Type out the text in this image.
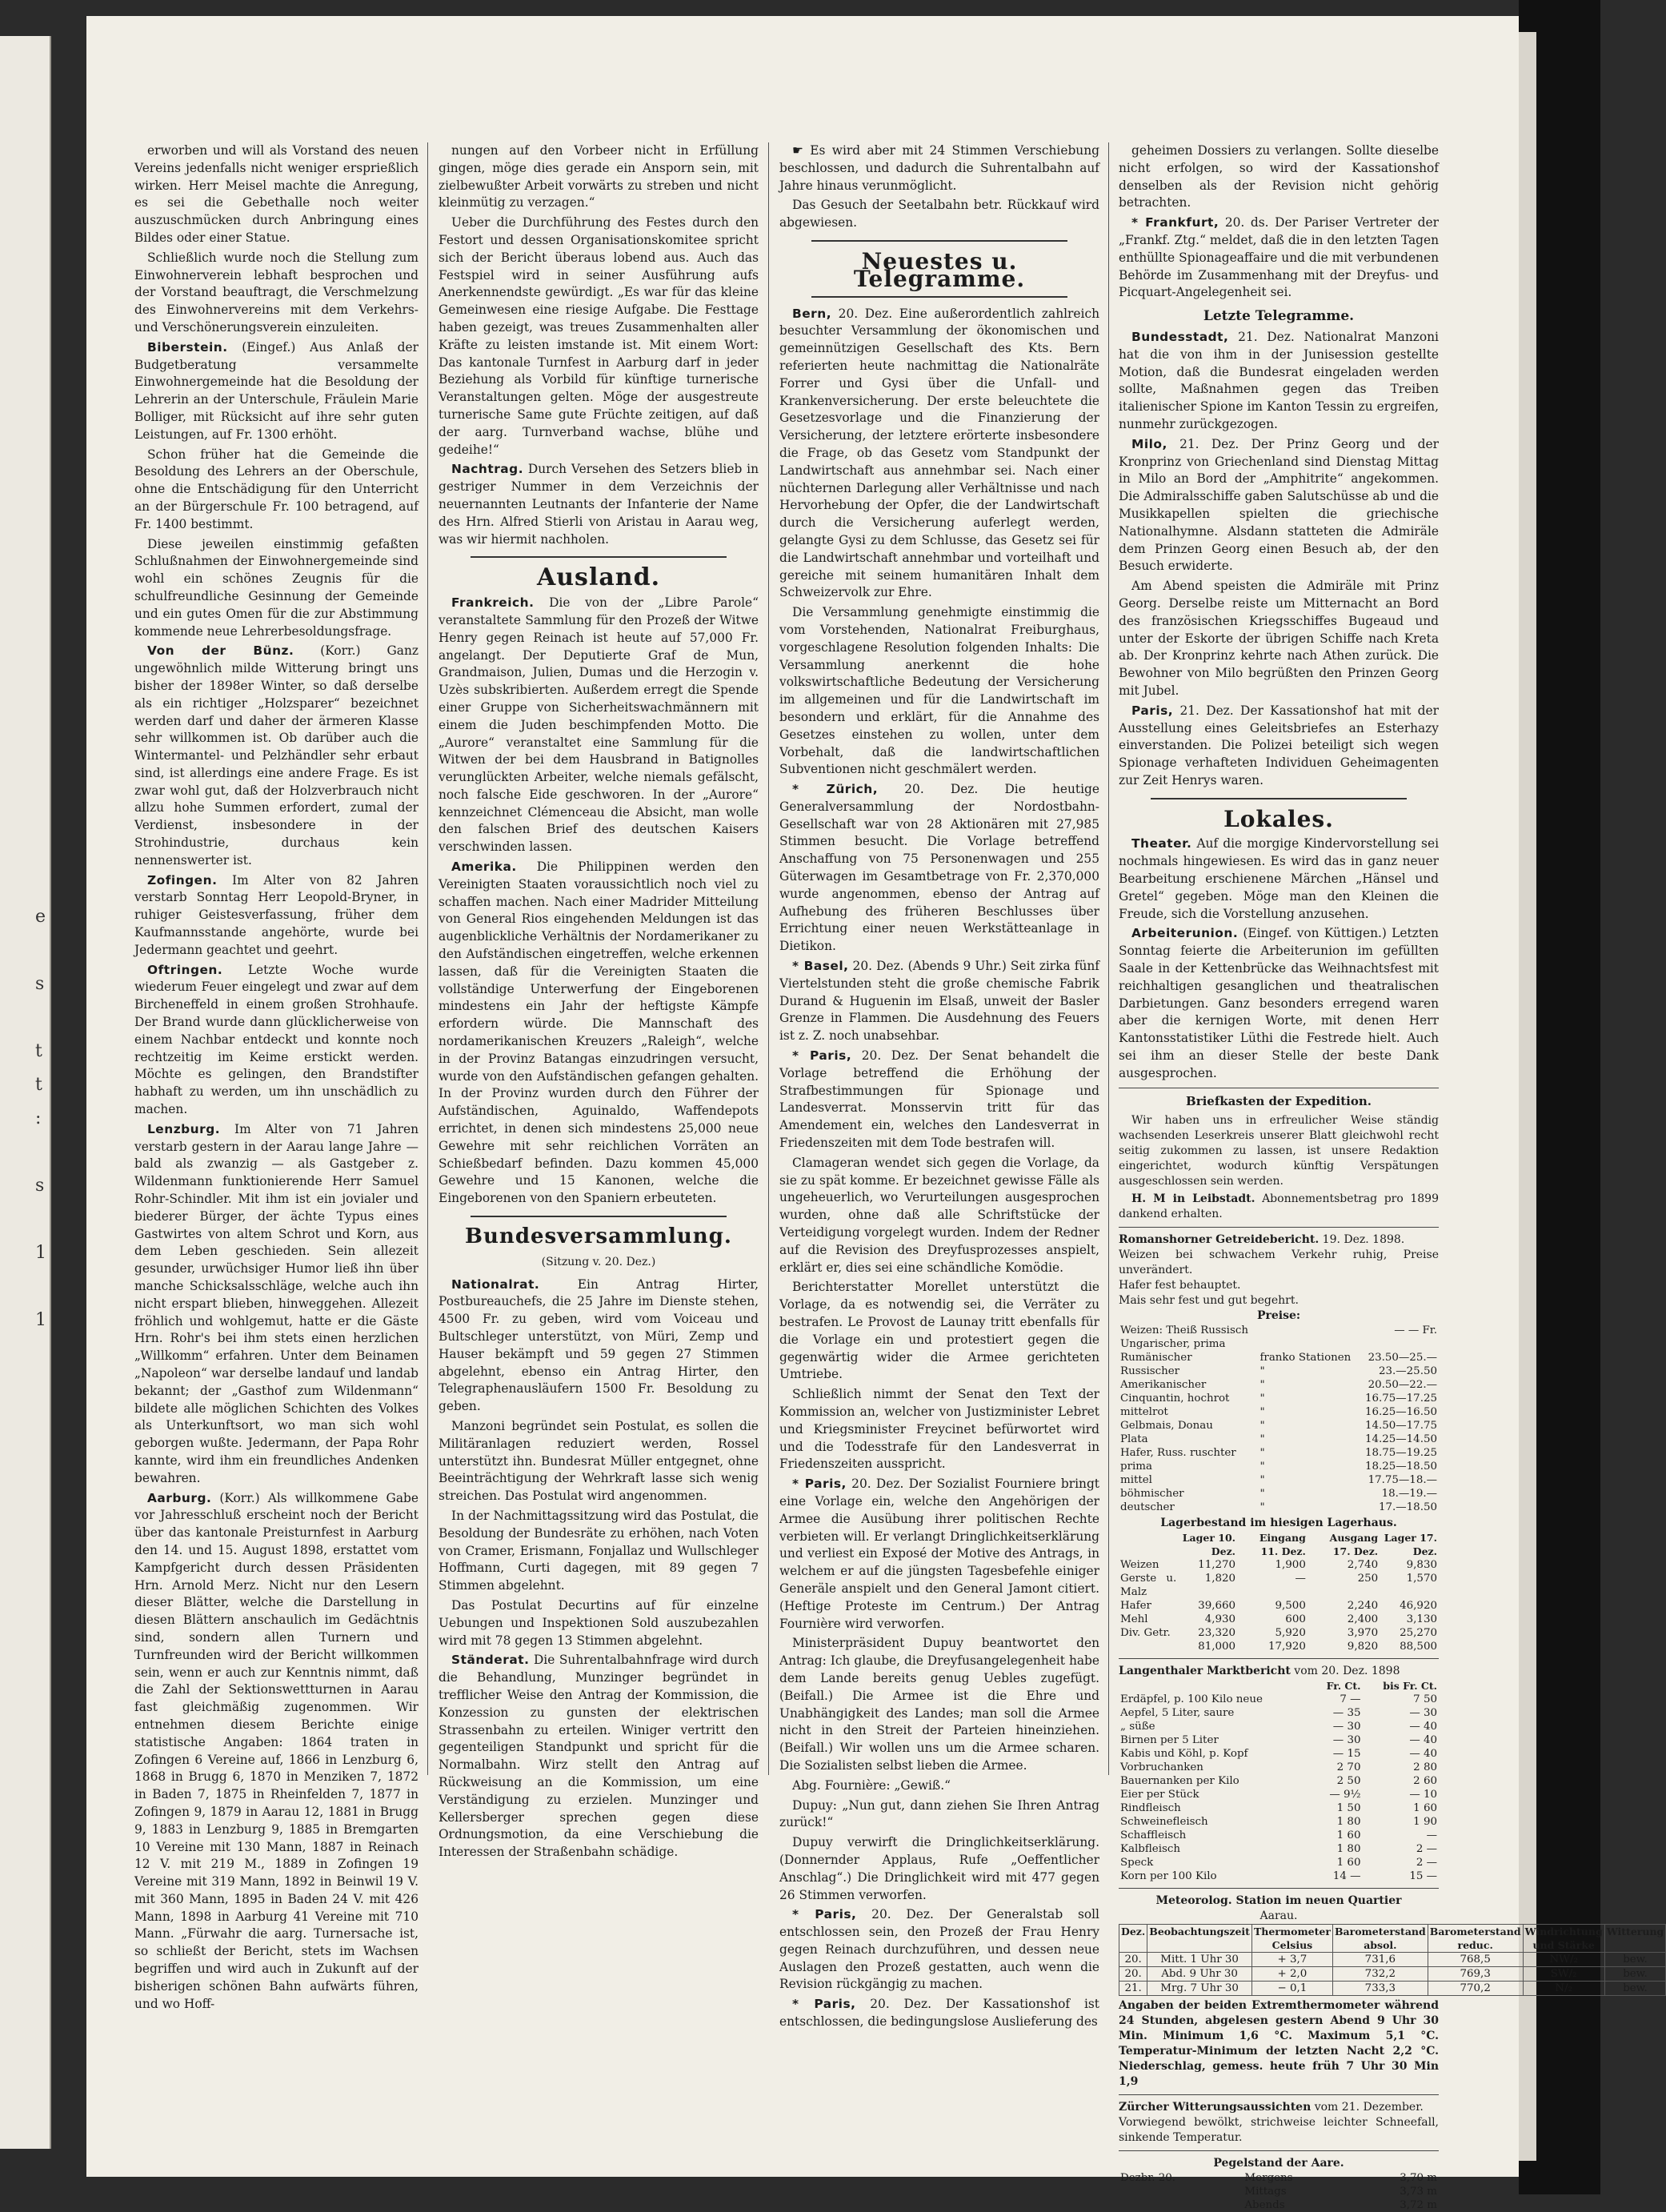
e

s

t
t
:

s

1

1

erworben und will als Vorstand des neuen Vereins jedenfalls nicht weniger ersprießlich wirken. Herr Meisel machte die Anregung, es sei die Gebethalle noch weiter auszuschmücken durch Anbringung eines Bildes oder einer Statue.

Schließlich wurde noch die Stellung zum Einwohnerverein lebhaft besprochen und der Vorstand beauftragt, die Verschmelzung des Einwohnervereins mit dem Verkehrs- und Verschönerungsverein einzuleiten.

Biberstein. (Eingef.) Aus Anlaß der Budgetberatung versammelte Einwohnergemeinde hat die Besoldung der Lehrerin an der Unterschule, Fräulein Marie Bolliger, mit Rücksicht auf ihre sehr guten Leistungen, auf Fr. 1300 erhöht.

Schon früher hat die Gemeinde die Besoldung des Lehrers an der Oberschule, ohne die Entschädigung für den Unterricht an der Bürgerschule Fr. 100 betragend, auf Fr. 1400 bestimmt.

Diese jeweilen einstimmig gefaßten Schlußnahmen der Einwohnergemeinde sind wohl ein schönes Zeugnis für die schulfreundliche Gesinnung der Gemeinde und ein gutes Omen für die zur Abstimmung kommende neue Lehrerbesoldungsfrage.

Von der Bünz. (Korr.) Ganz ungewöhnlich milde Witterung bringt uns bisher der 1898er Winter, so daß derselbe als ein richtiger „Holzsparer“ bezeichnet werden darf und daher der ärmeren Klasse sehr willkommen ist. Ob darüber auch die Wintermantel- und Pelzhändler sehr erbaut sind, ist allerdings eine andere Frage. Es ist zwar wohl gut, daß der Holzverbrauch nicht allzu hohe Summen erfordert, zumal der Verdienst, insbesondere in der Strohindustrie, durchaus kein nennenswerter ist.

Zofingen. Im Alter von 82 Jahren verstarb Sonntag Herr Leopold-Bryner, in ruhiger Geistesverfassung, früher dem Kaufmannsstande angehörte, wurde bei Jedermann geachtet und geehrt.

Oftringen. Letzte Woche wurde wiederum Feuer eingelegt und zwar auf dem Bircheneffeld in einem großen Strohhaufe. Der Brand wurde dann glücklicherweise von einem Nachbar entdeckt und konnte noch rechtzeitig im Keime erstickt werden. Möchte es gelingen, den Brandstifter habhaft zu werden, um ihn unschädlich zu machen.

Lenzburg. Im Alter von 71 Jahren verstarb gestern in der Aarau lange Jahre — bald als zwanzig — als Gastgeber z. Wildenmann funktionierende Herr Samuel Rohr-Schindler. Mit ihm ist ein jovialer und biederer Bürger, der ächte Typus eines Gastwirtes von altem Schrot und Korn, aus dem Leben geschieden. Sein allezeit gesunder, urwüchsiger Humor ließ ihn über manche Schicksalsschläge, welche auch ihn nicht erspart blieben, hinweggehen. Allezeit fröhlich und wohlgemut, hatte er die Gäste Hrn. Rohr's bei ihm stets einen herzlichen „Willkomm“ erfahren. Unter dem Beinamen „Napoleon“ war derselbe landauf und landab bekannt; der „Gasthof zum Wildenmann“ bildete alle möglichen Schichten des Volkes als Unterkunftsort, wo man sich wohl geborgen wußte. Jedermann, der Papa Rohr kannte, wird ihm ein freundliches Andenken bewahren.

Aarburg. (Korr.) Als willkommene Gabe vor Jahresschluß erscheint noch der Bericht über das kantonale Preisturnfest in Aarburg den 14. und 15. August 1898, erstattet vom Kampfgericht durch dessen Präsidenten Hrn. Arnold Merz. Nicht nur den Lesern dieser Blätter, welche die Darstellung in diesen Blättern anschaulich im Gedächtnis sind, sondern allen Turnern und Turnfreunden wird der Bericht willkommen sein, wenn er auch zur Kenntnis nimmt, daß die Zahl der Sektionswettturnen in Aarau fast gleichmäßig zugenommen. Wir entnehmen diesem Berichte einige statistische Angaben: 1864 traten in Zofingen 6 Vereine auf, 1866 in Lenzburg 6, 1868 in Brugg 6, 1870 in Menziken 7, 1872 in Baden 7, 1875 in Rheinfelden 7, 1877 in Zofingen 9, 1879 in Aarau 12, 1881 in Brugg 9, 1883 in Lenzburg 9, 1885 in Bremgarten 10 Vereine mit 130 Mann, 1887 in Reinach 12 V. mit 219 M., 1889 in Zofingen 19 Vereine mit 319 Mann, 1892 in Beinwil 19 V. mit 360 Mann, 1895 in Baden 24 V. mit 426 Mann, 1898 in Aarburg 41 Vereine mit 710 Mann. „Fürwahr die aarg. Turnersache ist, so schließt der Bericht, stets im Wachsen begriffen und wird auch in Zukunft auf der bisherigen schönen Bahn aufwärts führen, und wo Hoff-

nungen auf den Vorbeer nicht in Erfüllung gingen, möge dies gerade ein Ansporn sein, mit zielbewußter Arbeit vorwärts zu streben und nicht kleinmütig zu verzagen.“

Ueber die Durchführung des Festes durch den Festort und dessen Organisationskomitee spricht sich der Bericht überaus lobend aus. Auch das Festspiel wird in seiner Ausführung aufs Anerkennendste gewürdigt. „Es war für das kleine Gemeinwesen eine riesige Aufgabe. Die Festtage haben gezeigt, was treues Zusammenhalten aller Kräfte zu leisten imstande ist. Mit einem Wort: Das kantonale Turnfest in Aarburg darf in jeder Beziehung als Vorbild für künftige turnerische Veranstaltungen gelten. Möge der ausgestreute turnerische Same gute Früchte zeitigen, auf daß der aarg. Turnverband wachse, blühe und gedeihe!“

Nachtrag. Durch Versehen des Setzers blieb in gestriger Nummer in dem Verzeichnis der neuernannten Leutnants der Infanterie der Name des Hrn. Alfred Stierli von Aristau in Aarau weg, was wir hiermit nachholen.

Ausland.

Frankreich. Die von der „Libre Parole“ veranstaltete Sammlung für den Prozeß der Witwe Henry gegen Reinach ist heute auf 57,000 Fr. angelangt. Der Deputierte Graf de Mun, Grandmaison, Julien, Dumas und die Herzogin v. Uzès subskribierten. Außerdem erregt die Spende einer Gruppe von Sicherheitswachmännern mit einem die Juden beschimpfenden Motto. Die „Aurore“ veranstaltet eine Sammlung für die Witwen der bei dem Hausbrand in Batignolles verunglückten Arbeiter, welche niemals gefälscht, noch falsche Eide geschworen. In der „Aurore“ kennzeichnet Clémenceau die Absicht, man wolle den falschen Brief des deutschen Kaisers verschwinden lassen.

Amerika. Die Philippinen werden den Vereinigten Staaten voraussichtlich noch viel zu schaffen machen. Nach einer Madrider Mitteilung von General Rios eingehenden Meldungen ist das augenblickliche Verhältnis der Nordamerikaner zu den Aufständischen eingetreffen, welche erkennen lassen, daß für die Vereinigten Staaten die vollständige Unterwerfung der Eingeborenen mindestens ein Jahr der heftigste Kämpfe erfordern würde. Die Mannschaft des nordamerikanischen Kreuzers „Raleigh“, welche in der Provinz Batangas einzudringen versucht, wurde von den Aufständischen gefangen gehalten. In der Provinz wurden durch den Führer der Aufständischen, Aguinaldo, Waffendepots errichtet, in denen sich mindestens 25,000 neue Gewehre mit sehr reichlichen Vorräten an Schießbedarf befinden. Dazu kommen 45,000 Gewehre und 15 Kanonen, welche die Eingeborenen von den Spaniern erbeuteten.

Bundesversammlung.
(Sitzung v. 20. Dez.)

Nationalrat.	Ein Antrag Hirter, Postbureauchefs, die 25 Jahre im Dienste stehen, 4500 Fr. zu geben, wird vom Voiceau und Bultschleger unterstützt, von Müri, Zemp und Hauser bekämpft und 59 gegen 27 Stimmen abgelehnt, ebenso ein Antrag Hirter, den Telegraphenausläufern 1500 Fr. Besoldung zu geben.

Manzoni begründet sein Postulat, es sollen die Militäranlagen reduziert werden, Rossel unterstützt ihn. Bundesrat Müller entgegnet, ohne Beeinträchtigung der Wehrkraft lasse sich wenig streichen. Das Postulat wird angenommen.

In der Nachmittagssitzung wird das Postulat, die Besoldung der Bundesräte zu erhöhen, nach Voten von Cramer, Erismann, Fonjallaz und Wullschleger Hoffmann, Curti dagegen, mit 89 gegen 7 Stimmen abgelehnt.

Das Postulat Decurtins auf für einzelne Uebungen und Inspektionen Sold auszubezahlen wird mit 78 gegen 13 Stimmen abgelehnt.

Ständerat. Die Suhrentalbahnfrage wird durch die Behandlung, Munzinger begründet in trefflicher Weise den Antrag der Kommission, die Konzession zu gunsten der elektrischen Strassenbahn zu erteilen. Winiger vertritt den gegenteiligen Standpunkt und spricht für die Normalbahn. Wirz stellt den Antrag auf Rückweisung an die Kommission, um eine Verständigung zu erzielen. Munzinger und Kellersberger sprechen gegen diese Ordnungsmotion, da eine Verschiebung die Interessen der Straßenbahn schädige.

☛ Es wird aber mit 24 Stimmen Verschiebung beschlossen, und dadurch die Suhrentalbahn auf Jahre hinaus verunmöglicht.

Das Gesuch der Seetalbahn betr. Rückkauf wird abgewiesen.

Neuestes u. Telegramme.

Bern, 20. Dez. Eine außerordentlich zahlreich besuchter Versammlung der ökonomischen und gemeinnützigen Gesellschaft des Kts. Bern referierten heute nachmittag die Nationalräte Forrer und Gysi über die Unfall- und Krankenversicherung. Der erste beleuchtete die Gesetzesvorlage und die Finanzierung der Versicherung, der letztere erörterte insbesondere die Frage, ob das Gesetz vom Standpunkt der Landwirtschaft aus annehmbar sei. Nach einer nüchternen Darlegung aller Verhältnisse und nach Hervorhebung der Opfer, die der Landwirtschaft durch die Versicherung auferlegt werden, gelangte Gysi zu dem Schlusse, das Gesetz sei für die Landwirtschaft annehmbar und vorteilhaft und gereiche mit seinem humanitären Inhalt dem Schweizervolk zur Ehre.

Die Versammlung genehmigte einstimmig die vom Vorstehenden, Nationalrat Freiburghaus, vorgeschlagene Resolution folgenden Inhalts: Die Versammlung anerkennt die hohe volkswirtschaftliche Bedeutung der Versicherung im allgemeinen und für die Landwirtschaft im besondern und erklärt, für die Annahme des Gesetzes einstehen zu wollen, unter dem Vorbehalt, daß die landwirtschaftlichen Subventionen nicht geschmälert werden.

* Zürich, 20. Dez. Die heutige Generalversammlung der Nordostbahn-Gesellschaft war von 28 Aktionären mit 27,985 Stimmen besucht. Die Vorlage betreffend Anschaffung von 75 Personenwagen und 255 Güterwagen im Gesamtbetrage von Fr. 2,370,000 wurde angenommen, ebenso der Antrag auf Aufhebung des früheren Beschlusses über Errichtung einer neuen Werkstätteanlage in Dietikon.

* Basel, 20. Dez. (Abends 9 Uhr.) Seit zirka fünf Viertelstunden steht die große chemische Fabrik Durand & Huguenin im Elsaß, unweit der Basler Grenze in Flammen. Die Ausdehnung des Feuers ist z. Z. noch unabsehbar.

* Paris, 20. Dez. Der Senat behandelt die Vorlage betreffend die Erhöhung der Strafbestimmungen für Spionage und Landesverrat. Monsservin tritt für das Amendement ein, welches den Landesverrat in Friedenszeiten mit dem Tode bestrafen will.

Clamageran wendet sich gegen die Vorlage, da sie zu spät komme. Er bezeichnet gewisse Fälle als ungeheuerlich, wo Verurteilungen ausgesprochen wurden, ohne daß alle Schriftstücke der Verteidigung vorgelegt wurden. Indem der Redner auf die Revision des Dreyfusprozesses anspielt, erklärt er, dies sei eine schändliche Komödie.

Berichterstatter Morellet unterstützt die Vorlage, da es notwendig sei, die Verräter zu bestrafen. Le Provost de Launay tritt ebenfalls für die Vorlage ein und protestiert gegen die gegenwärtig wider die Armee gerichteten Umtriebe.

Schließlich nimmt der Senat den Text der Kommission an, welcher von Justizminister Lebret und Kriegsminister Freycinet befürwortet wird und die Todesstrafe für den Landesverrat in Friedenszeiten ausspricht.

* Paris, 20. Dez. Der Sozialist Fourniere bringt eine Vorlage ein, welche den Angehörigen der Armee die Ausübung ihrer politischen Rechte verbieten will. Er verlangt Dringlichkeitserklärung und verliest ein Exposé der Motive des Antrags, in welchem er auf die jüngsten Tagesbefehle einiger Generäle anspielt und den General Jamont citiert. (Heftige Proteste im Centrum.) Der Antrag Fournière wird verworfen.

Ministerpräsident Dupuy beantwortet den Antrag: Ich glaube, die Dreyfusangelegenheit habe dem Lande bereits genug Uebles zugefügt. (Beifall.) Die Armee ist die Ehre und Unabhängigkeit des Landes; man soll die Armee nicht in den Streit der Parteien hineinziehen. (Beifall.) Wir wollen uns um die Armee scharen. Die Sozialisten selbst lieben die Armee.

Abg. Fournière: „Gewiß.“

Dupuy: „Nun gut, dann ziehen Sie Ihren Antrag zurück!“

Dupuy verwirft die Dringlichkeitserklärung. (Donnernder Applaus, Rufe „Oeffentlicher Anschlag“.) Die Dringlichkeit wird mit 477 gegen 26 Stimmen verworfen.

* Paris, 20. Dez. Der Generalstab soll entschlossen sein, den Prozeß der Frau Henry gegen Reinach durchzuführen, und dessen neue Auslagen den Prozeß gestatten, auch wenn die Revision rückgängig zu machen.

* Paris, 20. Dez. Der Kassationshof ist entschlossen, die bedingungslose Auslieferung des

geheimen Dossiers zu verlangen. Sollte dieselbe nicht erfolgen, so wird der Kassationshof denselben als der Revision nicht gehörig betrachten.

* Frankfurt, 20. ds. Der Pariser Vertreter der „Frankf. Ztg.“ meldet, daß die in den letzten Tagen enthüllte Spionageaffaire und die mit verbundenen Behörde im Zusammenhang mit der Dreyfus- und Picquart-Angelegenheit sei.

Letzte Telegramme.

Bundesstadt, 21. Dez. Nationalrat Manzoni hat die von ihm in der Junisession gestellte Motion, daß die Bundesrat eingeladen werden sollte, Maßnahmen gegen das Treiben italienischer Spione im Kanton Tessin zu ergreifen, nunmehr zurückgezogen.

Milo, 21. Dez. Der Prinz Georg und der Kronprinz von Griechenland sind Dienstag Mittag in Milo an Bord der „Amphitrite“ angekommen. Die Admiralsschiffe gaben Salutschüsse ab und die Musikkapellen spielten die griechische Nationalhymne. Alsdann statteten die Admiräle dem Prinzen Georg einen Besuch ab, der den Besuch erwiderte.

Am Abend speisten die Admiräle mit Prinz Georg. Derselbe reiste um Mitternacht an Bord des französischen Kriegsschiffes Bugeaud und unter der Eskorte der übrigen Schiffe nach Kreta ab. Der Kronprinz kehrte nach Athen zurück. Die Bewohner von Milo begrüßten den Prinzen Georg mit Jubel.

Paris, 21. Dez. Der Kassationshof hat mit der Ausstellung eines Geleitsbriefes an Esterhazy einverstanden. Die Polizei beteiligt sich wegen Spionage verhafteten Individuen Geheimagenten zur Zeit Henrys waren.

Lokales.

Theater. Auf die morgige Kindervorstellung sei nochmals hingewiesen. Es wird das in ganz neuer Bearbeitung erschienene Märchen „Hänsel und Gretel“ gegeben. Möge man den Kleinen die Freude, sich die Vorstellung anzusehen.

Arbeiterunion. (Eingef. von Küttigen.) Letzten Sonntag feierte die Arbeiterunion im gefüllten Saale in der Kettenbrücke das Weihnachtsfest mit reichhaltigen gesanglichen und theatralischen Darbietungen. Ganz besonders erregend waren aber die kernigen Worte, mit denen Herr Kantonsstatistiker Lüthi die Festrede hielt. Auch sei ihm an dieser Stelle der beste Dank ausgesprochen.

Briefkasten der Expedition.

Wir haben uns in erfreulicher Weise ständig wachsenden Leserkreis unserer Blatt gleichwohl recht seitig zukommen zu lassen, ist unsere Redaktion eingerichtet, wodurch künftig Verspätungen ausgeschlossen sein werden.

H. M in Leibstadt. Abonnementsbetrag pro 1899 dankend erhalten.

Romanshorner Getreidebericht. 19. Dez. 1898.
Weizen bei schwachem Verkehr ruhig, Preise unverändert.
Hafer fest behauptet.
Mais sehr fest und gut begehrt.
Preise:
Weizen: Theiß Russisch		— — Fr.
Ungarischer, prima		
Rumänischer	franko Stationen	23.50—25.—
Russischer	"	23.—25.50
Amerikanischer	"	20.50—22.—
Cinquantin, hochrot	"	16.75—17.25
mittelrot	"	16.25—16.50
Gelbmais, Donau	"	14.50—17.75
Plata	"	14.25—14.50
Hafer, Russ. ruschter	"	18.75—19.25
prima	"	18.25—18.50
mittel	"	17.75—18.—
böhmischer	"	18.—19.—
deutscher	"	17.—18.50
Lagerbestand im hiesigen Lagerhaus.
	Lager 10. Dez.	Eingang 11. Dez.	Ausgang 17. Dez.	Lager 17. Dez.
Weizen	11,270	1,900	2,740	9,830
Gerste u. Malz	1,820	—	250	1,570
Hafer	39,660	9,500	2,240	46,920
Mehl	4,930	600	2,400	3,130
Div. Getr.	23,320	5,920	3,970	25,270
	81,000	17,920	9,820	88,500
Langenthaler Marktbericht vom 20. Dez. 1898
	Fr. Ct.	bis Fr. Ct.
Erdäpfel, p. 100 Kilo neue	7 —	7 50
Aepfel, 5 Liter, saure	— 35	— 30
„ süße	— 30	— 40
Birnen per 5 Liter	— 30	— 40
Kabis und Köhl, p. Kopf	— 15	— 40
Vorbruchanken	2 70	2 80
Bauernanken per Kilo	2 50	2 60
Eier per Stück	— 9½	— 10
Rindfleisch	1 50	1 60
Schweinefleisch	1 80	1 90
Schaffleisch	1 60	—
Kalbfleisch	1 80	2 —
Speck	1 60	2 —
Korn per 100 Kilo	14 —	15 —
Meteorolog. Station im neuen Quartier
Aarau.
Dez.	Beobachtungszeit	Thermometer Celsius	Barometerstand absol.	Barometerstand reduc.	Windrichtung und Stärke	Witterung
20.	Mitt. 1 Uhr 30	+ 3,7	731,6	768,5	NW/₂	bew.
20.	Abd. 9 Uhr 30	+ 2,0	732,2	769,3	SW/₂	bew.
21.	Mrg. 7 Uhr 30	− 0,1	733,3	770,2	N/₂	bew.
Angaben der beiden Extremthermometer während 24 Stunden, abgelesen gestern Abend 9 Uhr 30 Min. Minimum 1,6 °C. Maximum 5,1 °C. Temperatur-Minimum der letzten Nacht 2,2 °C. Niederschlag, gemess. heute früh 7 Uhr 30 Min 1,9
Zürcher Witterungsaussichten vom 21. Dezember.
Vorwiegend bewölkt, strichweise leichter Schneefall, sinkende Temperatur.
Pegelstand der Aare.
Dezbr. 20.	Morgens	3,70 m
	Mittags	3,73 m
	Abends	3,72 m
